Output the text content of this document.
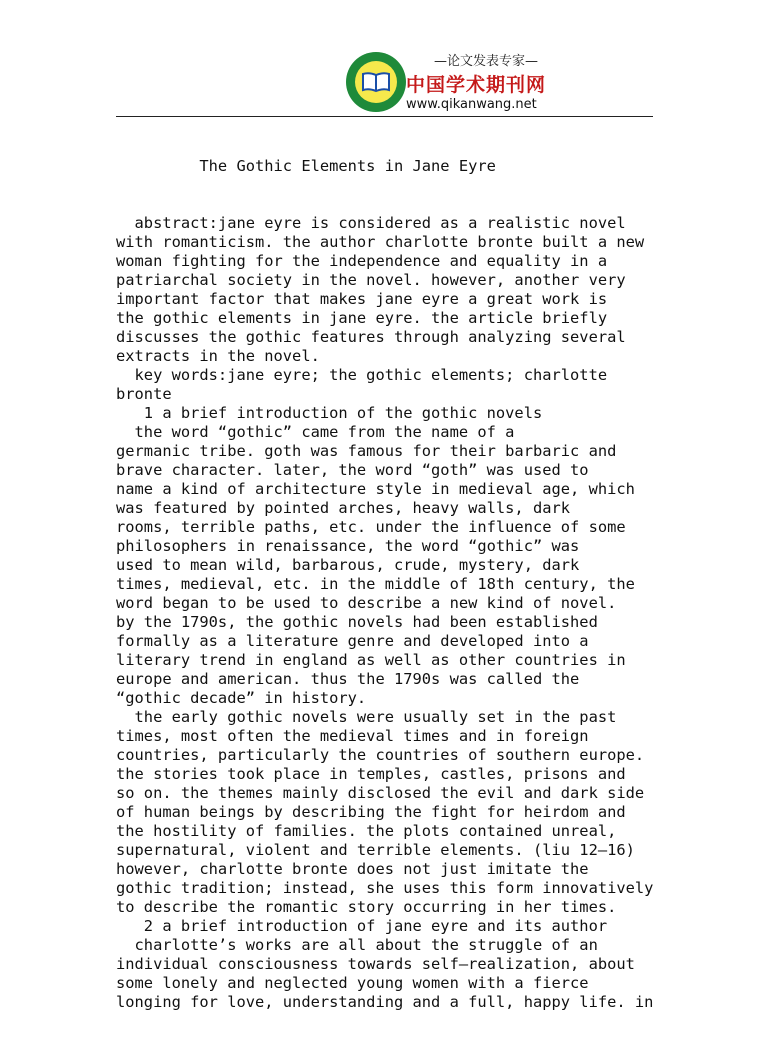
—论文发表专家—
中国学术期刊网
www.qikanwang.net

The Gothic Elements in Jane Eyre

abstract:jane eyre is considered as a realistic novel
with romanticism. the author charlotte bronte built a new
woman fighting for the independence and equality in a
patriarchal society in the novel. however, another very
important factor that makes jane eyre a great work is
the gothic elements in jane eyre. the article briefly
discusses the gothic features through analyzing several
extracts in the novel.
key words:jane eyre; the gothic elements; charlotte
bronte
1 a brief introduction of the gothic novels
the word “gothic” came from the name of a
germanic tribe. goth was famous for their barbaric and
brave character. later, the word “goth” was used to
name a kind of architecture style in medieval age, which
was featured by pointed arches, heavy walls, dark
rooms, terrible paths, etc. under the influence of some
philosophers in renaissance, the word “gothic” was
used to mean wild, barbarous, crude, mystery, dark
times, medieval, etc. in the middle of 18th century, the
word began to be used to describe a new kind of novel.
by the 1790s, the gothic novels had been established
formally as a literature genre and developed into a
literary trend in england as well as other countries in
europe and american. thus the 1790s was called the
“gothic decade” in history.
the early gothic novels were usually set in the past
times, most often the medieval times and in foreign
countries, particularly the countries of southern europe.
the stories took place in temples, castles, prisons and
so on. the themes mainly disclosed the evil and dark side
of human beings by describing the fight for heirdom and
the hostility of families. the plots contained unreal,
supernatural, violent and terrible elements. (liu 12—16)
however, charlotte bronte does not just imitate the
gothic tradition; instead, she uses this form innovatively
to describe the romantic story occurring in her times.
2 a brief introduction of jane eyre and its author
charlotte’s works are all about the struggle of an
individual consciousness towards self—realization, about
some lonely and neglected young women with a fierce
longing for love, understanding and a full, happy life. in
